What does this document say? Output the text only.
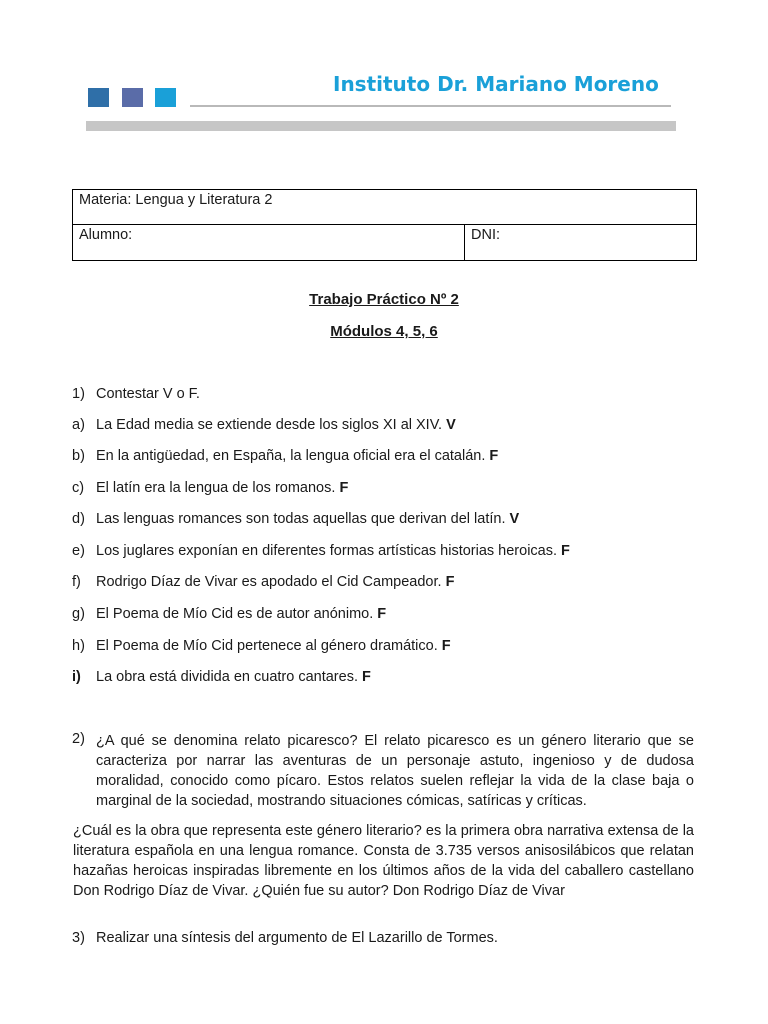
Instituto Dr. Mariano Moreno
Materia: Lengua y Literatura 2
Alumno:	DNI:
Trabajo Práctico Nº 2
Módulos 4, 5, 6
1) Contestar V o F.
a) La Edad media se extiende desde los siglos XI al XIV. V
b) En la antigüedad, en España, la lengua oficial era el catalán. F
c) El latín era la lengua de los romanos. F
d) Las lenguas romances son todas aquellas que derivan del latín. V
e) Los juglares exponían en diferentes formas artísticas historias heroicas. F
f) Rodrigo Díaz de Vivar es apodado el Cid Campeador. F
g) El Poema de Mío Cid es de autor anónimo. F
h) El Poema de Mío Cid pertenece al género dramático. F
i) La obra está dividida en cuatro cantares. F
2) ¿A qué se denomina relato picaresco? El relato picaresco es un género literario que se caracteriza por narrar las aventuras de un personaje astuto, ingenioso y de dudosa moralidad, conocido como pícaro. Estos relatos suelen reflejar la vida de la clase baja o marginal de la sociedad, mostrando situaciones cómicas, satíricas y críticas.
¿Cuál es la obra que representa este género literario? es la primera obra narrativa extensa de la literatura española en una lengua romance. Consta de 3.735 versos anisosilábicos que relatan hazañas heroicas inspiradas libremente en los últimos años de la vida del caballero castellano Don Rodrigo Díaz de Vivar. ¿Quién fue su autor? Don Rodrigo Díaz de Vivar
3) Realizar una síntesis del argumento de El Lazarillo de Tormes.
